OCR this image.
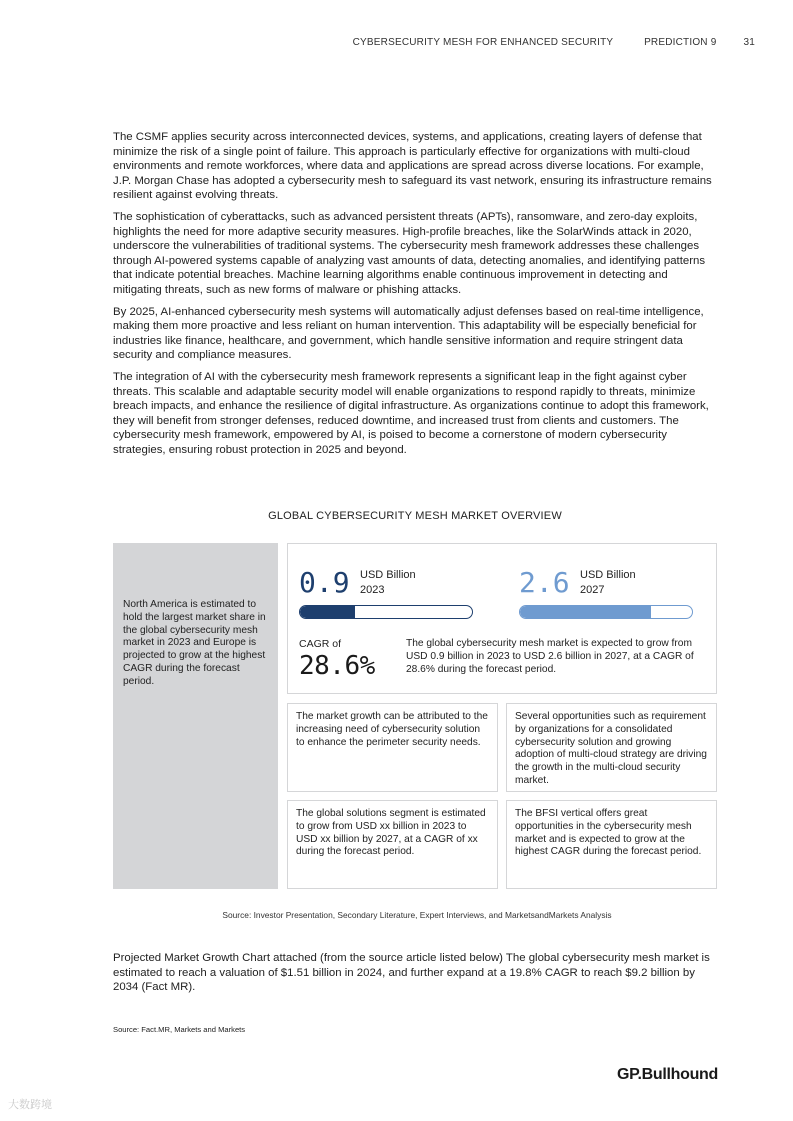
CYBERSECURITY MESH FOR ENHANCED SECURITY	PREDICTION 9	31

The CSMF applies security across interconnected devices, systems, and applications, creating layers of defense that minimize the risk of a single point of failure. This approach is particularly effective for organizations with multi-cloud environments and remote workforces, where data and applications are spread across diverse locations. For example, J.P. Morgan Chase has adopted a cybersecurity mesh to safeguard its vast network, ensuring its infrastructure remains resilient against evolving threats.

The sophistication of cyberattacks, such as advanced persistent threats (APTs), ransomware, and zero-day exploits, highlights the need for more adaptive security measures. High-profile breaches, like the SolarWinds attack in 2020, underscore the vulnerabilities of traditional systems. The cybersecurity mesh framework addresses these challenges through AI-powered systems capable of analyzing vast amounts of data, detecting anomalies, and identifying patterns that indicate potential breaches. Machine learning algorithms enable continuous improvement in detecting and mitigating threats, such as new forms of malware or phishing attacks.

By 2025, AI-enhanced cybersecurity mesh systems will automatically adjust defenses based on real-time intelligence, making them more proactive and less reliant on human intervention. This adaptability will be especially beneficial for industries like finance, healthcare, and government, which handle sensitive information and require stringent data security and compliance measures.

The integration of AI with the cybersecurity mesh framework represents a significant leap in the fight against cyber threats. This scalable and adaptable security model will enable organizations to respond rapidly to threats, minimize breach impacts, and enhance the resilience of digital infrastructure. As organizations continue to adopt this framework, they will benefit from stronger defenses, reduced downtime, and increased trust from clients and customers. The cybersecurity mesh framework, empowered by AI, is poised to become a cornerstone of modern cybersecurity strategies, ensuring robust protection in 2025 and beyond.

GLOBAL CYBERSECURITY MESH MARKET OVERVIEW

North America is estimated to hold the largest market share in the global cybersecurity mesh market in 2023 and Europe is projected to grow at the highest CAGR during the forecast period.

0.9 USD Billion
2023	2.6 USD Billion
2027
CAGR of
28.6%
The global cybersecurity mesh market is expected to grow from USD 0.9 billion in 2023 to USD 2.6 billion in 2027, at a CAGR of 28.6% during the forecast period.

The market growth can be attributed to the increasing need of cybersecurity solution to enhance the perimeter security needs.

Several opportunities such as requirement by organizations for a consolidated cybersecurity solution and growing adoption of multi-cloud strategy are driving the growth in the multi-cloud security market.

The global solutions segment is estimated to grow from USD xx billion in 2023 to USD xx billion by 2027, at a CAGR of xx during the forecast period.

The BFSI vertical offers great opportunities in the cybersecurity mesh market and is expected to grow at the highest CAGR during the forecast period.

Source: Investor Presentation, Secondary Literature, Expert Interviews, and MarketsandMarkets Analysis
Projected Market Growth Chart attached (from the source article listed below) The global cybersecurity mesh market is estimated to reach a valuation of $1.51 billion in 2024, and further expand at a 19.8% CAGR to reach $9.2 billion by 2034 (Fact MR).
Source: Fact.MR, Markets and Markets
GP.Bullhound
大数跨境
